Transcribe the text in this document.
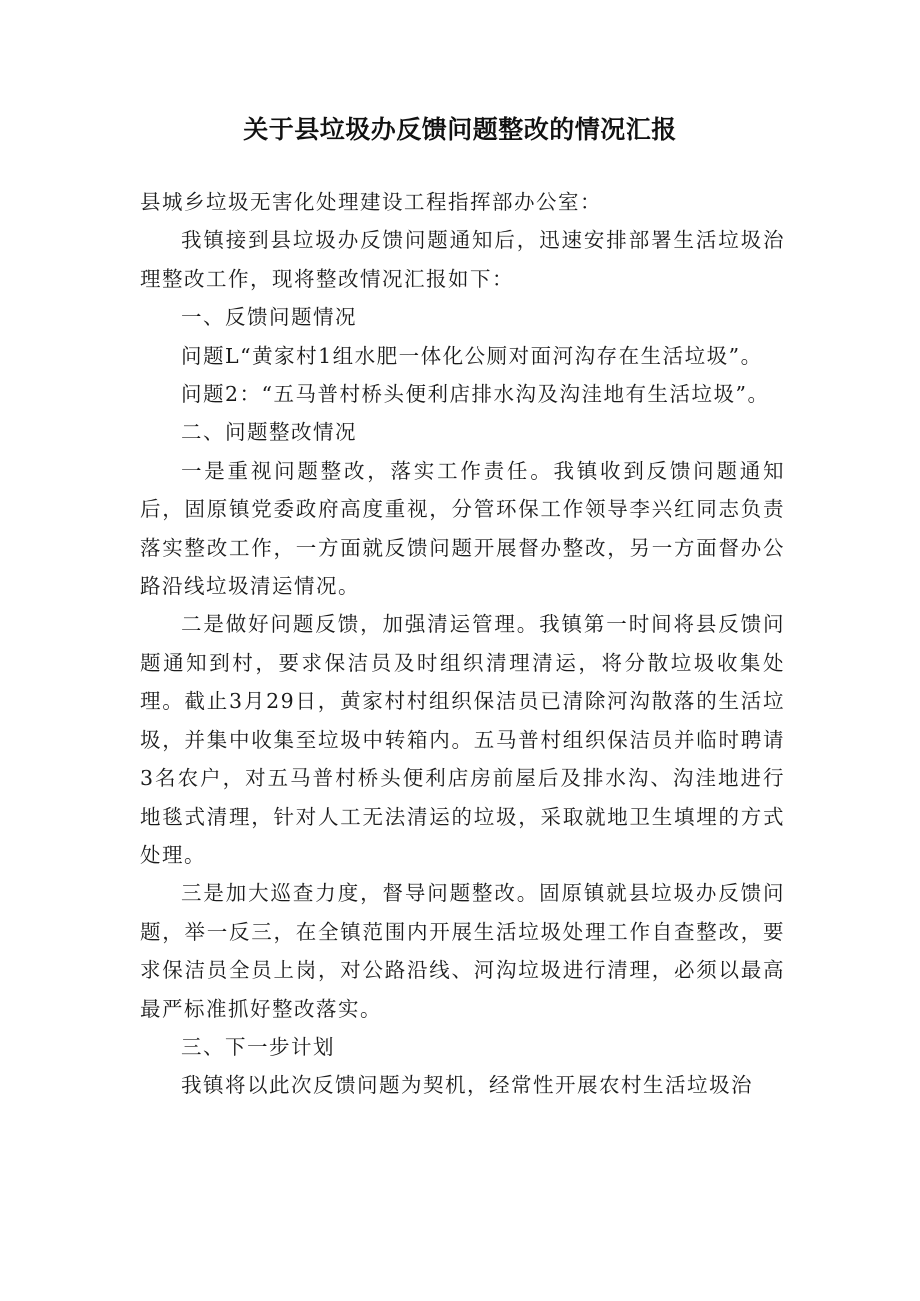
关于县垃圾办反馈问题整改的情况汇报

县城乡垃圾无害化处理建设工程指挥部办公室：

我镇接到县垃圾办反馈问题通知后，迅速安排部署生活垃圾治理整改工作，现将整改情况汇报如下：

一、反馈问题情况

问题L“黄家村1组水肥一体化公厕对面河沟存在生活垃圾”。

问题2：“五马普村桥头便利店排水沟及沟洼地有生活垃圾”。

二、问题整改情况

一是重视问题整改，落实工作责任。我镇收到反馈问题通知后，固原镇党委政府高度重视，分管环保工作领导李兴红同志负责落实整改工作，一方面就反馈问题开展督办整改，另一方面督办公路沿线垃圾清运情况。

二是做好问题反馈，加强清运管理。我镇第一时间将县反馈问题通知到村，要求保洁员及时组织清理清运，将分散垃圾收集处理。截止3月29日，黄家村村组织保洁员已清除河沟散落的生活垃圾，并集中收集至垃圾中转箱内。五马普村组织保洁员并临时聘请3名农户，对五马普村桥头便利店房前屋后及排水沟、沟洼地进行地毯式清理，针对人工无法清运的垃圾，采取就地卫生填埋的方式处理。

三是加大巡查力度，督导问题整改。固原镇就县垃圾办反馈问题，举一反三，在全镇范围内开展生活垃圾处理工作自查整改，要求保洁员全员上岗，对公路沿线、河沟垃圾进行清理，必须以最高最严标准抓好整改落实。

三、下一步计划

我镇将以此次反馈问题为契机，经常性开展农村生活垃圾治
